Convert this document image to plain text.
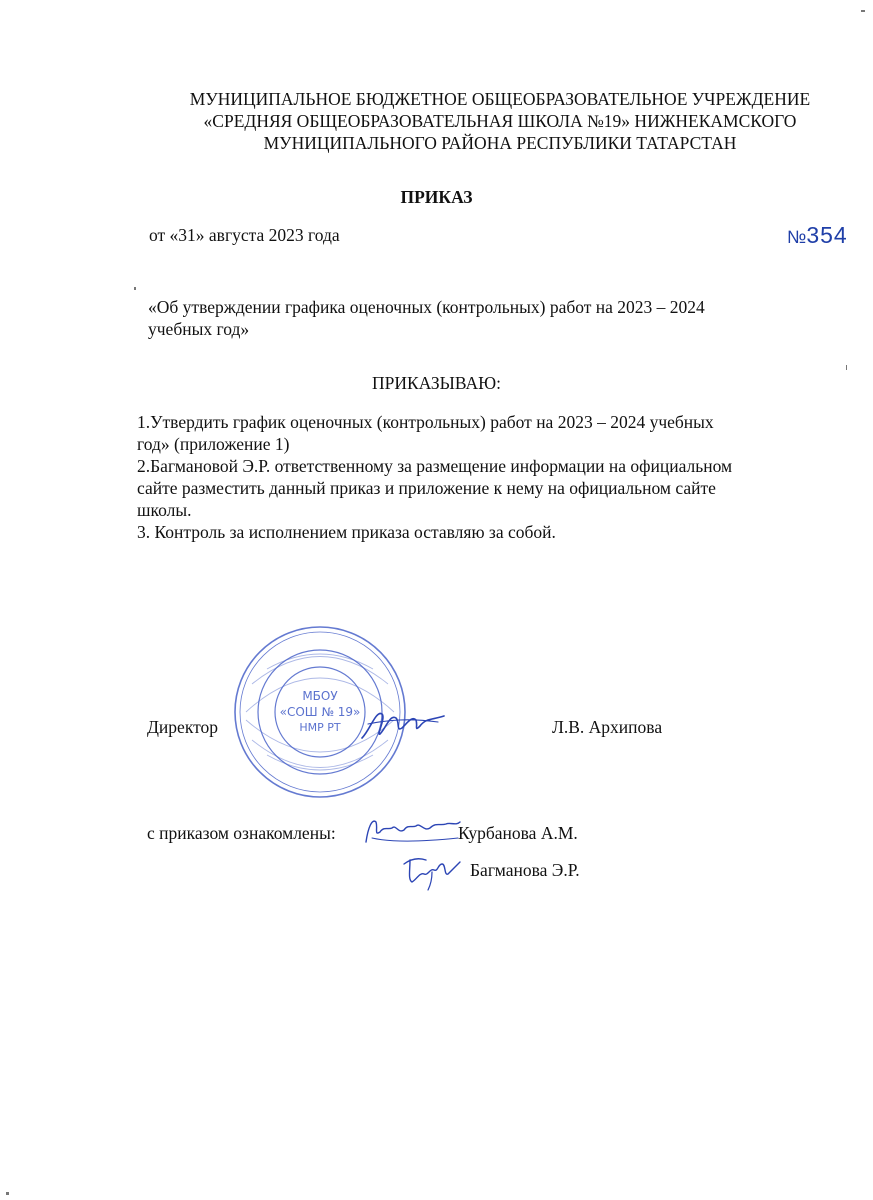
МУНИЦИПАЛЬНОЕ БЮДЖЕТНОЕ ОБЩЕОБРАЗОВАТЕЛЬНОЕ УЧРЕЖДЕНИЕ
«СРЕДНЯЯ ОБЩЕОБРАЗОВАТЕЛЬНАЯ ШКОЛА №19» НИЖНЕКАМСКОГО
МУНИЦИПАЛЬНОГО РАЙОНА РЕСПУБЛИКИ ТАТАРСТАН
ПРИКАЗ
от «31» августа 2023 года	№354
«Об утверждении графика оценочных (контрольных) работ на 2023 – 2024
учебных год»
ПРИКАЗЫВАЮ:
1.Утвердить график оценочных (контрольных) работ на 2023 – 2024 учебных
год» (приложение 1)
2.Багмановой Э.Р. ответственному за размещение информации на официальном
сайте разместить данный приказ и приложение к нему на официальном сайте
школы.
3. Контроль за исполнением приказа оставляю за собой.
МБОУ
«СОШ № 19»
НМР РТ
Директор	Л.В. Архипова
с приказом ознакомлены:	Курбанова А.М.
Багманова Э.Р.
